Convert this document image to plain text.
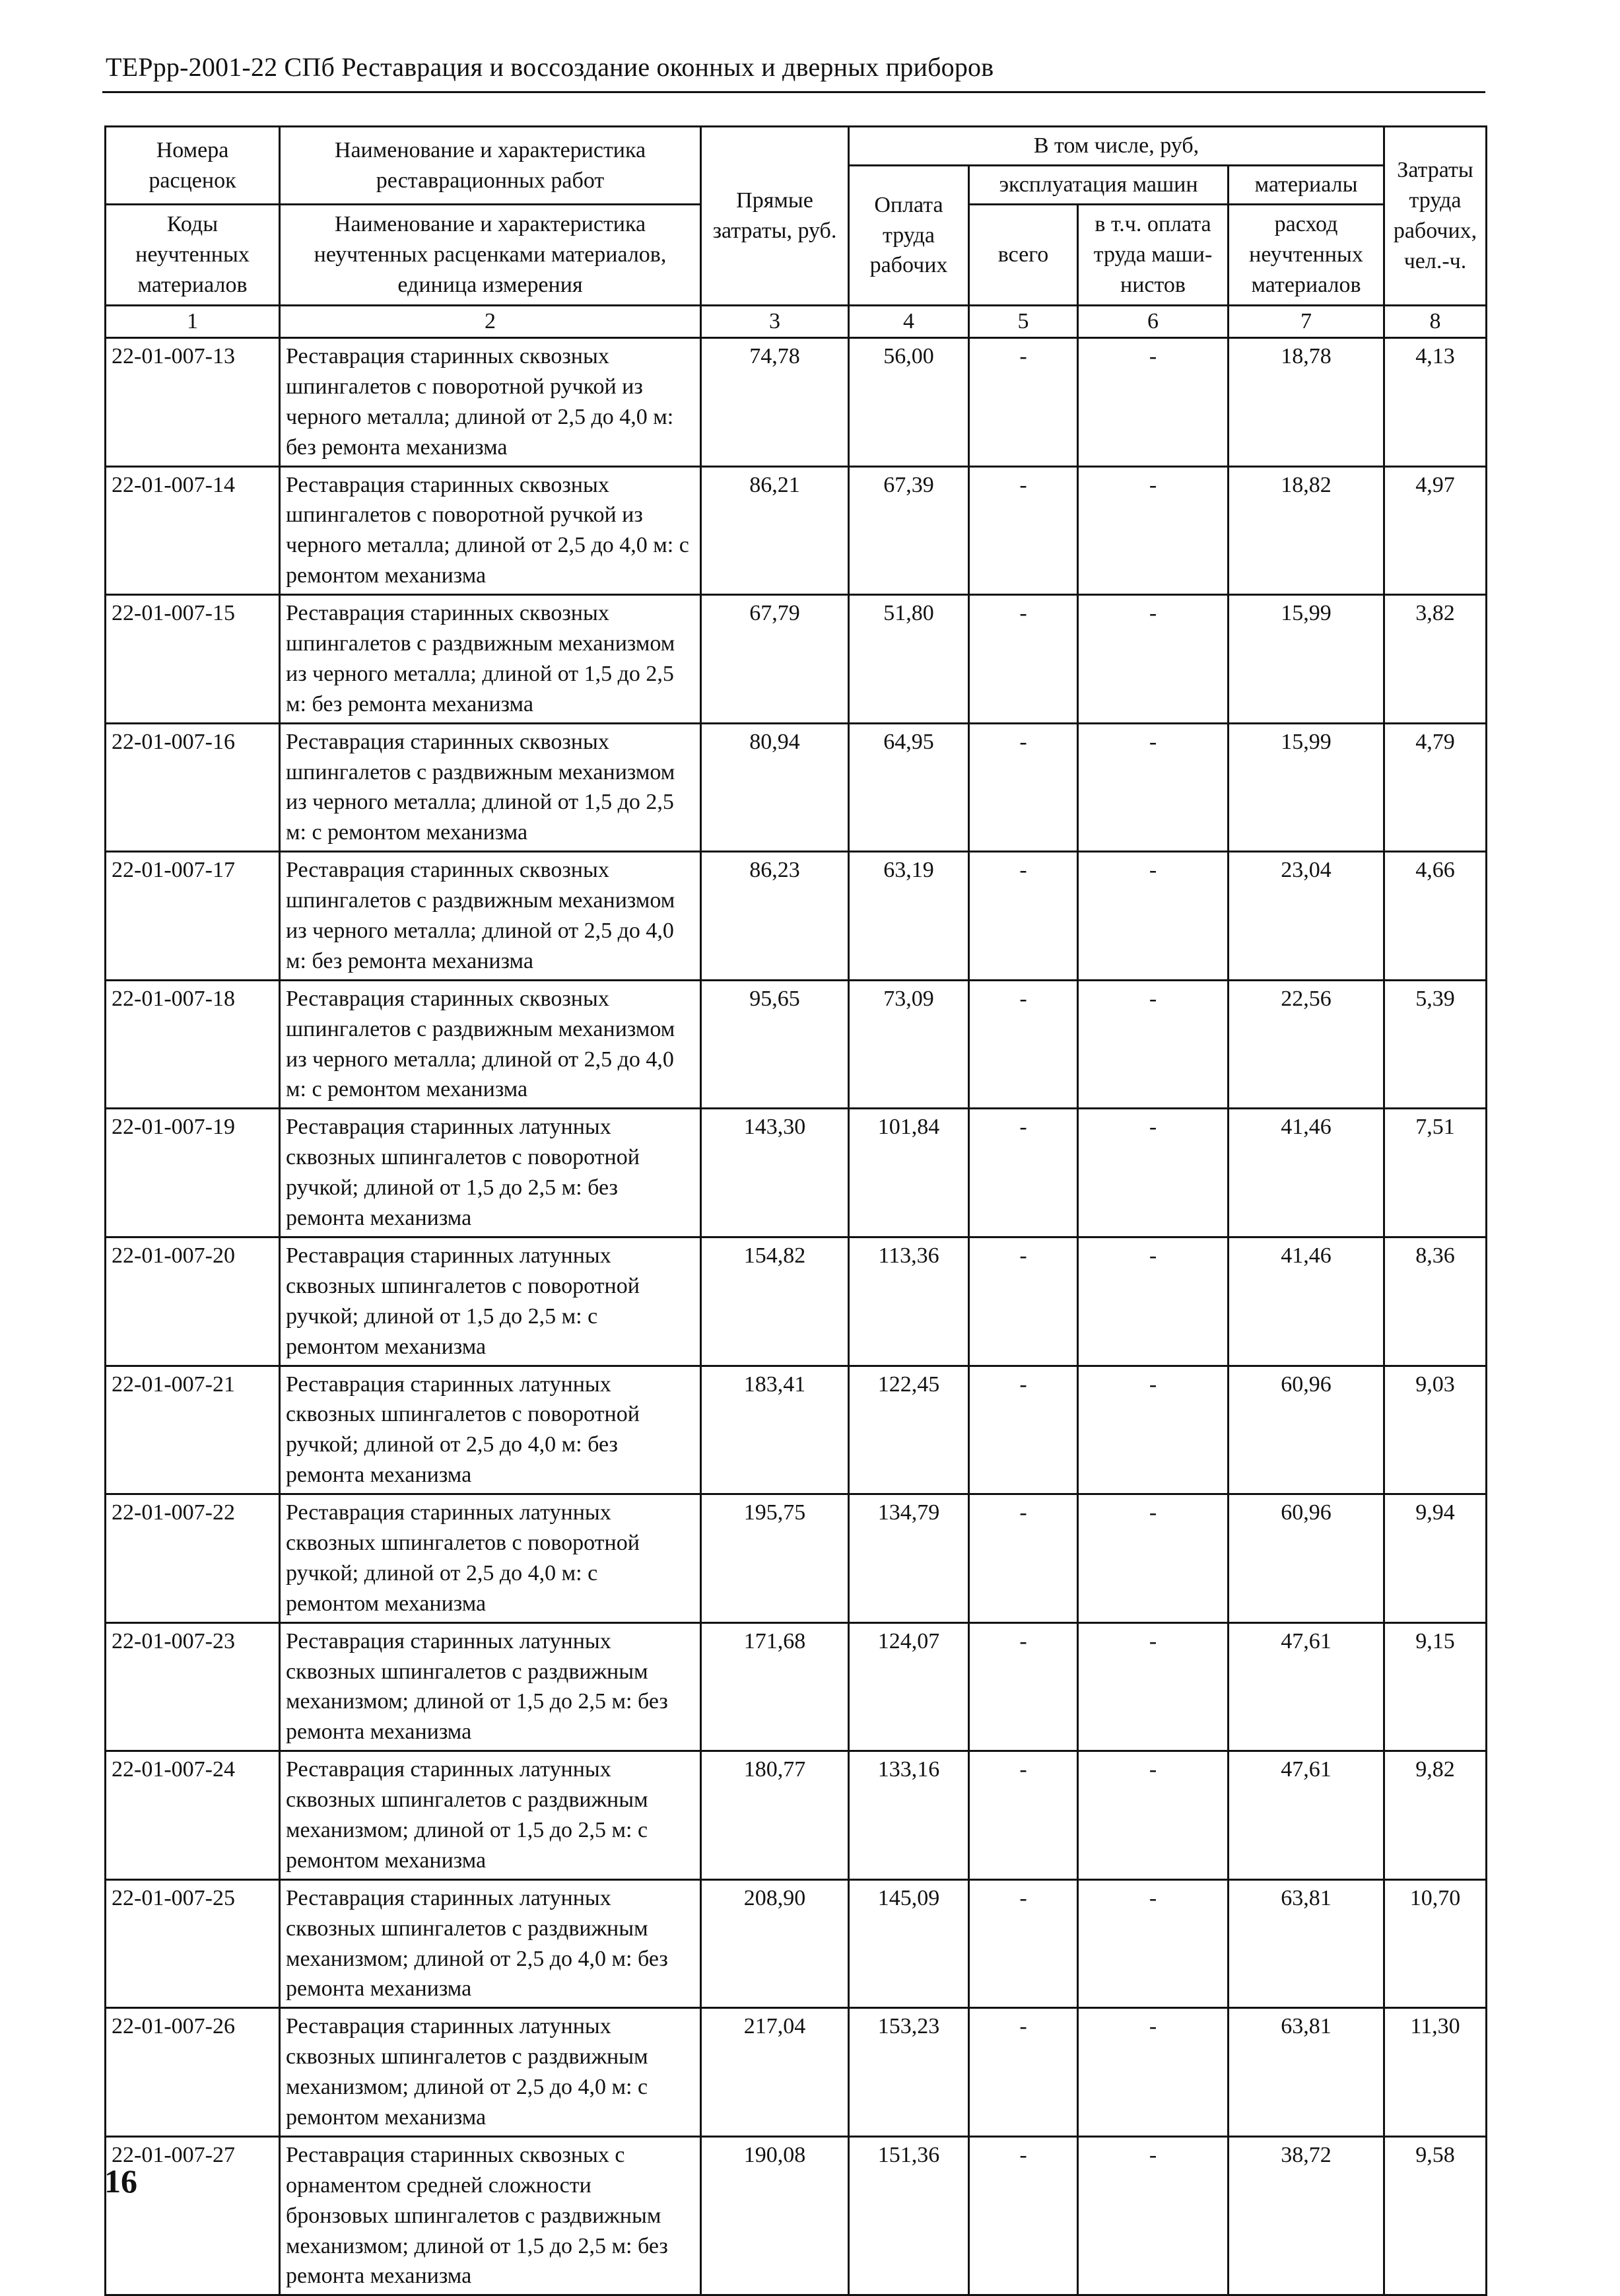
ТЕРрр-2001-22 СПб Реставрация и воссоздание оконных и дверных приборов
Номера расценок	Наименование и характеристика реставрационных работ	Прямые затраты, руб.	В том числе, руб,				Затраты труда рабочих, чел.-ч.
			Оплата труда рабочих	эксплуатация машин		материалы	
Коды неучтенных материалов	Наименование и характеристика неучтенных расценками материалов, единица измерения			всего	в т.ч. оплата труда маши-нистов	расход неучтенных материалов	
1	2	3	4	5	6	7	8
22-01-007-13	Реставрация старинных сквозных шпингалетов с поворотной ручкой из черного металла; длиной от 2,5 до 4,0 м: без ремонта механизма	74,78	56,00	-	-	18,78	4,13
22-01-007-14	Реставрация старинных сквозных шпингалетов с поворотной ручкой из черного металла; длиной от 2,5 до 4,0 м: с ремонтом механизма	86,21	67,39	-	-	18,82	4,97
22-01-007-15	Реставрация старинных сквозных шпингалетов с раздвижным механизмом из черного металла; длиной от 1,5 до 2,5 м: без ремонта механизма	67,79	51,80	-	-	15,99	3,82
22-01-007-16	Реставрация старинных сквозных шпингалетов с раздвижным механизмом из черного металла; длиной от 1,5 до 2,5 м: с ремонтом механизма	80,94	64,95	-	-	15,99	4,79
22-01-007-17	Реставрация старинных сквозных шпингалетов с раздвижным механизмом из черного металла; длиной от 2,5 до 4,0 м: без ремонта механизма	86,23	63,19	-	-	23,04	4,66
22-01-007-18	Реставрация старинных сквозных шпингалетов с раздвижным механизмом из черного металла; длиной от 2,5 до 4,0 м: с ремонтом механизма	95,65	73,09	-	-	22,56	5,39
22-01-007-19	Реставрация старинных латунных сквозных шпингалетов с поворотной ручкой; длиной от 1,5 до 2,5 м: без ремонта механизма	143,30	101,84	-	-	41,46	7,51
22-01-007-20	Реставрация старинных латунных сквозных шпингалетов с поворотной ручкой; длиной от 1,5 до 2,5 м: с ремонтом механизма	154,82	113,36	-	-	41,46	8,36
22-01-007-21	Реставрация старинных латунных сквозных шпингалетов с поворотной ручкой; длиной от 2,5 до 4,0 м: без ремонта механизма	183,41	122,45	-	-	60,96	9,03
22-01-007-22	Реставрация старинных латунных сквозных шпингалетов с поворотной ручкой; длиной от 2,5 до 4,0 м: с ремонтом механизма	195,75	134,79	-	-	60,96	9,94
22-01-007-23	Реставрация старинных латунных сквозных шпингалетов с раздвижным механизмом; длиной от 1,5 до 2,5 м: без ремонта механизма	171,68	124,07	-	-	47,61	9,15
22-01-007-24	Реставрация старинных латунных сквозных шпингалетов с раздвижным механизмом; длиной от 1,5 до 2,5 м: с ремонтом механизма	180,77	133,16	-	-	47,61	9,82
22-01-007-25	Реставрация старинных латунных сквозных шпингалетов с раздвижным механизмом; длиной от 2,5 до 4,0 м: без ремонта механизма	208,90	145,09	-	-	63,81	10,70
22-01-007-26	Реставрация старинных латунных сквозных шпингалетов с раздвижным механизмом; длиной от 2,5 до 4,0 м: с ремонтом механизма	217,04	153,23	-	-	63,81	11,30
22-01-007-27	Реставрация старинных сквозных с орнаментом средней сложности бронзовых шпингалетов с раздвижным механизмом; длиной от 1,5 до 2,5 м: без ремонта механизма	190,08	151,36	-	-	38,72	9,58
16
